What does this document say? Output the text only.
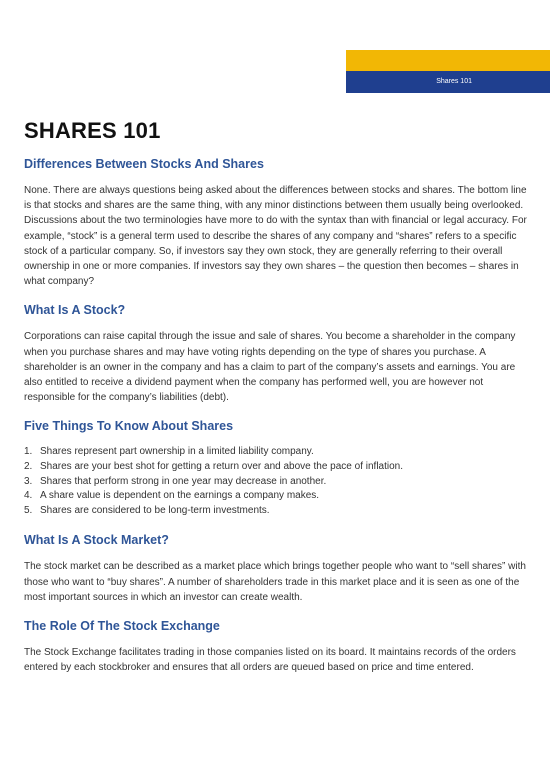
Shares 101
SHARES 101
Differences Between Stocks And Shares

None. There are always questions being asked about the differences between stocks and shares. The bottom line is that stocks and shares are the same thing, with any minor distinctions between them usually being overlooked. Discussions about the two terminologies have more to do with the syntax than with financial or legal accuracy. For example, “stock” is a general term used to describe the shares of any company and “shares” refers to a specific stock of a particular company. So, if investors say they own stock, they are generally referring to their overall ownership in one or more companies. If investors say they own shares – the question then becomes – shares in what company?

What Is A Stock?

Corporations can raise capital through the issue and sale of shares. You become a shareholder in the company when you purchase shares and may have voting rights depending on the type of shares you purchase. A shareholder is an owner in the company and has a claim to part of the company’s assets and earnings. You are also entitled to receive a dividend payment when the company has performed well, you are however not responsible for the company’s liabilities (debt).

Five Things To Know About Shares
1. Shares represent part ownership in a limited liability company.
2. Shares are your best shot for getting a return over and above the pace of inflation.
3. Shares that perform strong in one year may decrease in another.
4. A share value is dependent on the earnings a company makes.
5. Shares are considered to be long-term investments.
What Is A Stock Market?

The stock market can be described as a market place which brings together people who want to “sell shares” with those who want to “buy shares”. A number of shareholders trade in this market place and it is seen as one of the most important sources in which an investor can create wealth.

The Role Of The Stock Exchange

The Stock Exchange facilitates trading in those companies listed on its board. It maintains records of the orders entered by each stockbroker and ensures that all orders are queued based on price and time entered.
